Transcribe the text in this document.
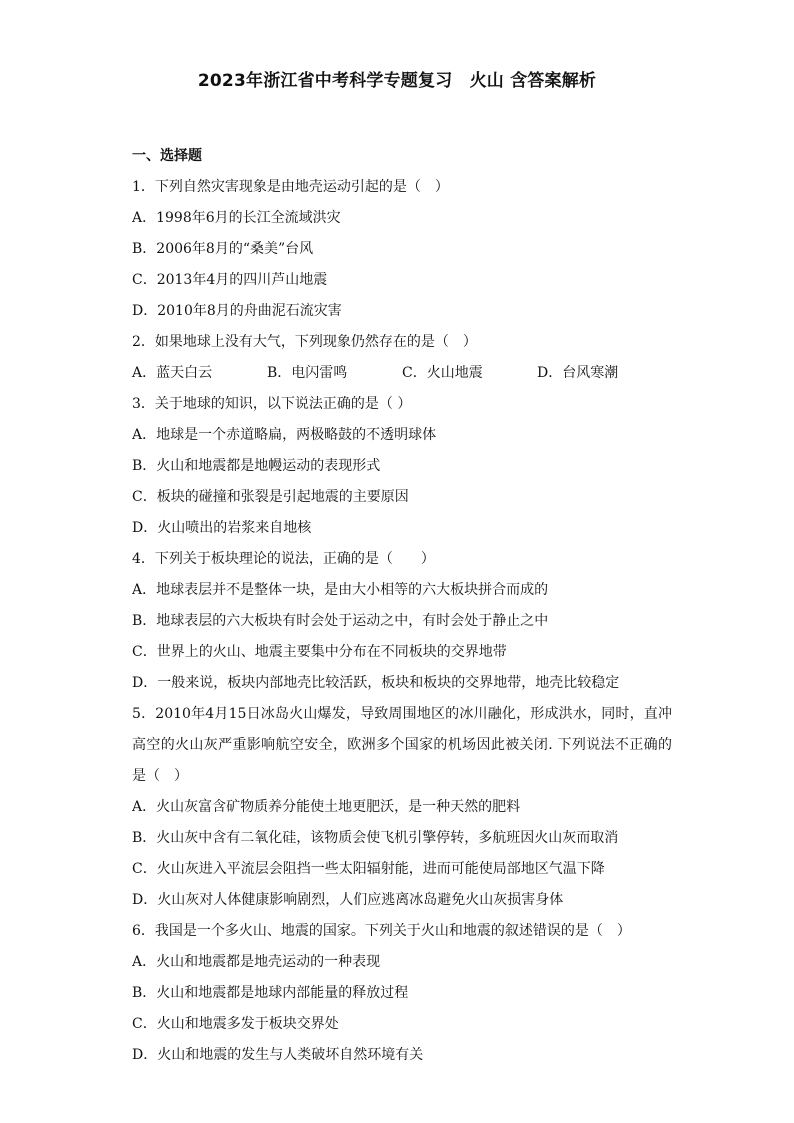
2023年浙江省中考科学专题复习　火山 含答案解析
一、选择题
1．下列自然灾害现象是由地壳运动引起的是（　）
A．1998年6月的长江全流域洪灾
B．2006年8月的“桑美”台风
C．2013年4月的四川芦山地震
D．2010年8月的舟曲泥石流灾害
2．如果地球上没有大气，下列现象仍然存在的是（　）
A．蓝天白云	B．电闪雷鸣	C．火山地震	D．台风寒潮
3．关于地球的知识，以下说法正确的是（ ）
A．地球是一个赤道略扁，两极略鼓的不透明球体
B．火山和地震都是地幔运动的表现形式
C．板块的碰撞和张裂是引起地震的主要原因
D．火山喷出的岩浆来自地核
4．下列关于板块理论的说法，正确的是（　　）
A．地球表层并不是整体一块，是由大小相等的六大板块拼合而成的
B．地球表层的六大板块有时会处于运动之中，有时会处于静止之中
C．世界上的火山、地震主要集中分布在不同板块的交界地带
D．一般来说，板块内部地壳比较活跃，板块和板块的交界地带，地壳比较稳定
5．2010年4月15日冰岛火山爆发，导致周围地区的冰川融化，形成洪水，同时，直冲高空的火山灰严重影响航空安全，欧洲多个国家的机场因此被关闭. 下列说法不正确的是（　）
A．火山灰富含矿物质养分能使土地更肥沃，是一种天然的肥料
B．火山灰中含有二氧化硅，该物质会使飞机引擎停转，多航班因火山灰而取消
C．火山灰进入平流层会阻挡一些太阳辐射能，进而可能使局部地区气温下降
D．火山灰对人体健康影响剧烈，人们应逃离冰岛避免火山灰损害身体
6．我国是一个多火山、地震的国家。下列关于火山和地震的叙述错误的是（　）
A．火山和地震都是地壳运动的一种表现
B．火山和地震都是地球内部能量的释放过程
C．火山和地震多发于板块交界处
D．火山和地震的发生与人类破坏自然环境有关
